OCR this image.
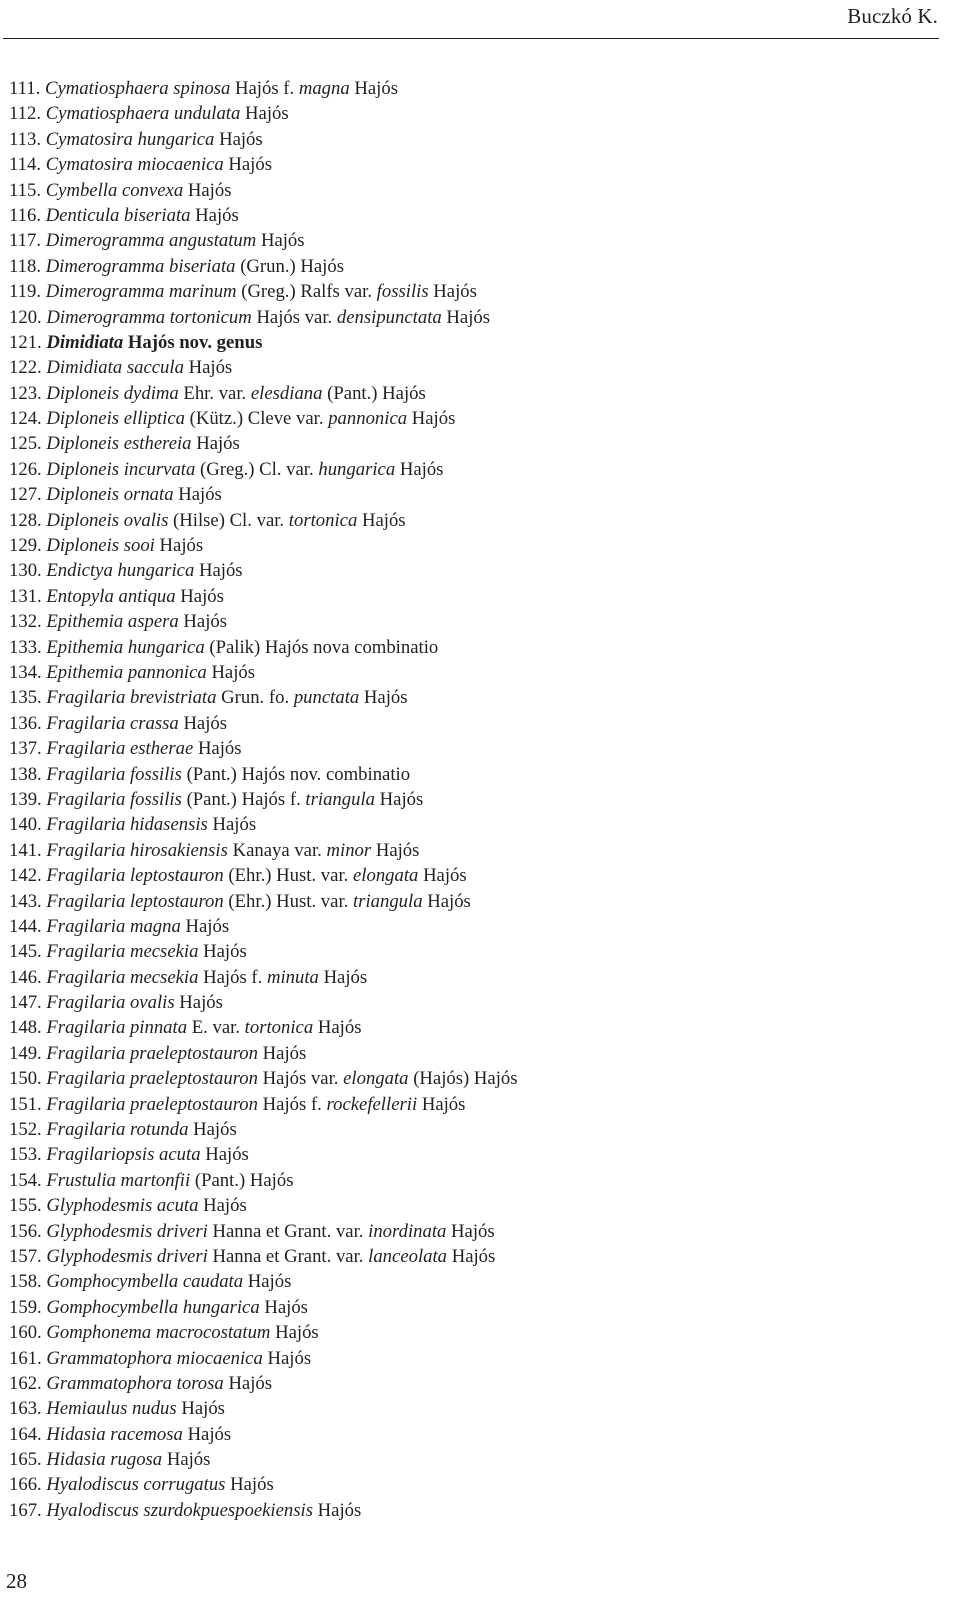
Buczkó K.
111. Cymatiosphaera spinosa Hajós f. magna Hajós
112. Cymatiosphaera undulata Hajós
113. Cymatosira hungarica Hajós
114. Cymatosira miocaenica Hajós
115. Cymbella convexa Hajós
116. Denticula biseriata Hajós
117. Dimerogramma angustatum Hajós
118. Dimerogramma biseriata (Grun.) Hajós
119. Dimerogramma marinum (Greg.) Ralfs var. fossilis Hajós
120. Dimerogramma tortonicum Hajós var. densipunctata Hajós
121. Dimidiata Hajós nov. genus
122. Dimidiata saccula Hajós
123. Diploneis dydima Ehr. var. elesdiana (Pant.) Hajós
124. Diploneis elliptica (Kütz.) Cleve var. pannonica Hajós
125. Diploneis esthereia Hajós
126. Diploneis incurvata (Greg.) Cl. var. hungarica Hajós
127. Diploneis ornata Hajós
128. Diploneis ovalis (Hilse) Cl. var. tortonica Hajós
129. Diploneis sooi Hajós
130. Endictya hungarica Hajós
131. Entopyla antiqua Hajós
132. Epithemia aspera Hajós
133. Epithemia hungarica (Palik) Hajós nova combinatio
134. Epithemia pannonica Hajós
135. Fragilaria brevistriata Grun. fo. punctata Hajós
136. Fragilaria crassa Hajós
137. Fragilaria estherae Hajós
138. Fragilaria fossilis (Pant.) Hajós nov. combinatio
139. Fragilaria fossilis (Pant.) Hajós f. triangula Hajós
140. Fragilaria hidasensis Hajós
141. Fragilaria hirosakiensis Kanaya var. minor Hajós
142. Fragilaria leptostauron (Ehr.) Hust. var. elongata Hajós
143. Fragilaria leptostauron (Ehr.) Hust. var. triangula Hajós
144. Fragilaria magna Hajós
145. Fragilaria mecsekia Hajós
146. Fragilaria mecsekia Hajós f. minuta Hajós
147. Fragilaria ovalis Hajós
148. Fragilaria pinnata E. var. tortonica Hajós
149. Fragilaria praeleptostauron Hajós
150. Fragilaria praeleptostauron Hajós var. elongata (Hajós) Hajós
151. Fragilaria praeleptostauron Hajós f. rockefellerii Hajós
152. Fragilaria rotunda Hajós
153. Fragilariopsis acuta Hajós
154. Frustulia martonfii (Pant.) Hajós
155. Glyphodesmis acuta Hajós
156. Glyphodesmis driveri Hanna et Grant. var. inordinata Hajós
157. Glyphodesmis driveri Hanna et Grant. var. lanceolata Hajós
158. Gomphocymbella caudata Hajós
159. Gomphocymbella hungarica Hajós
160. Gomphonema macrocostatum Hajós
161. Grammatophora miocaenica Hajós
162. Grammatophora torosa Hajós
163. Hemiaulus nudus Hajós
164. Hidasia racemosa Hajós
165. Hidasia rugosa Hajós
166. Hyalodiscus corrugatus Hajós
167. Hyalodiscus szurdokpuespoekiensis Hajós
28
